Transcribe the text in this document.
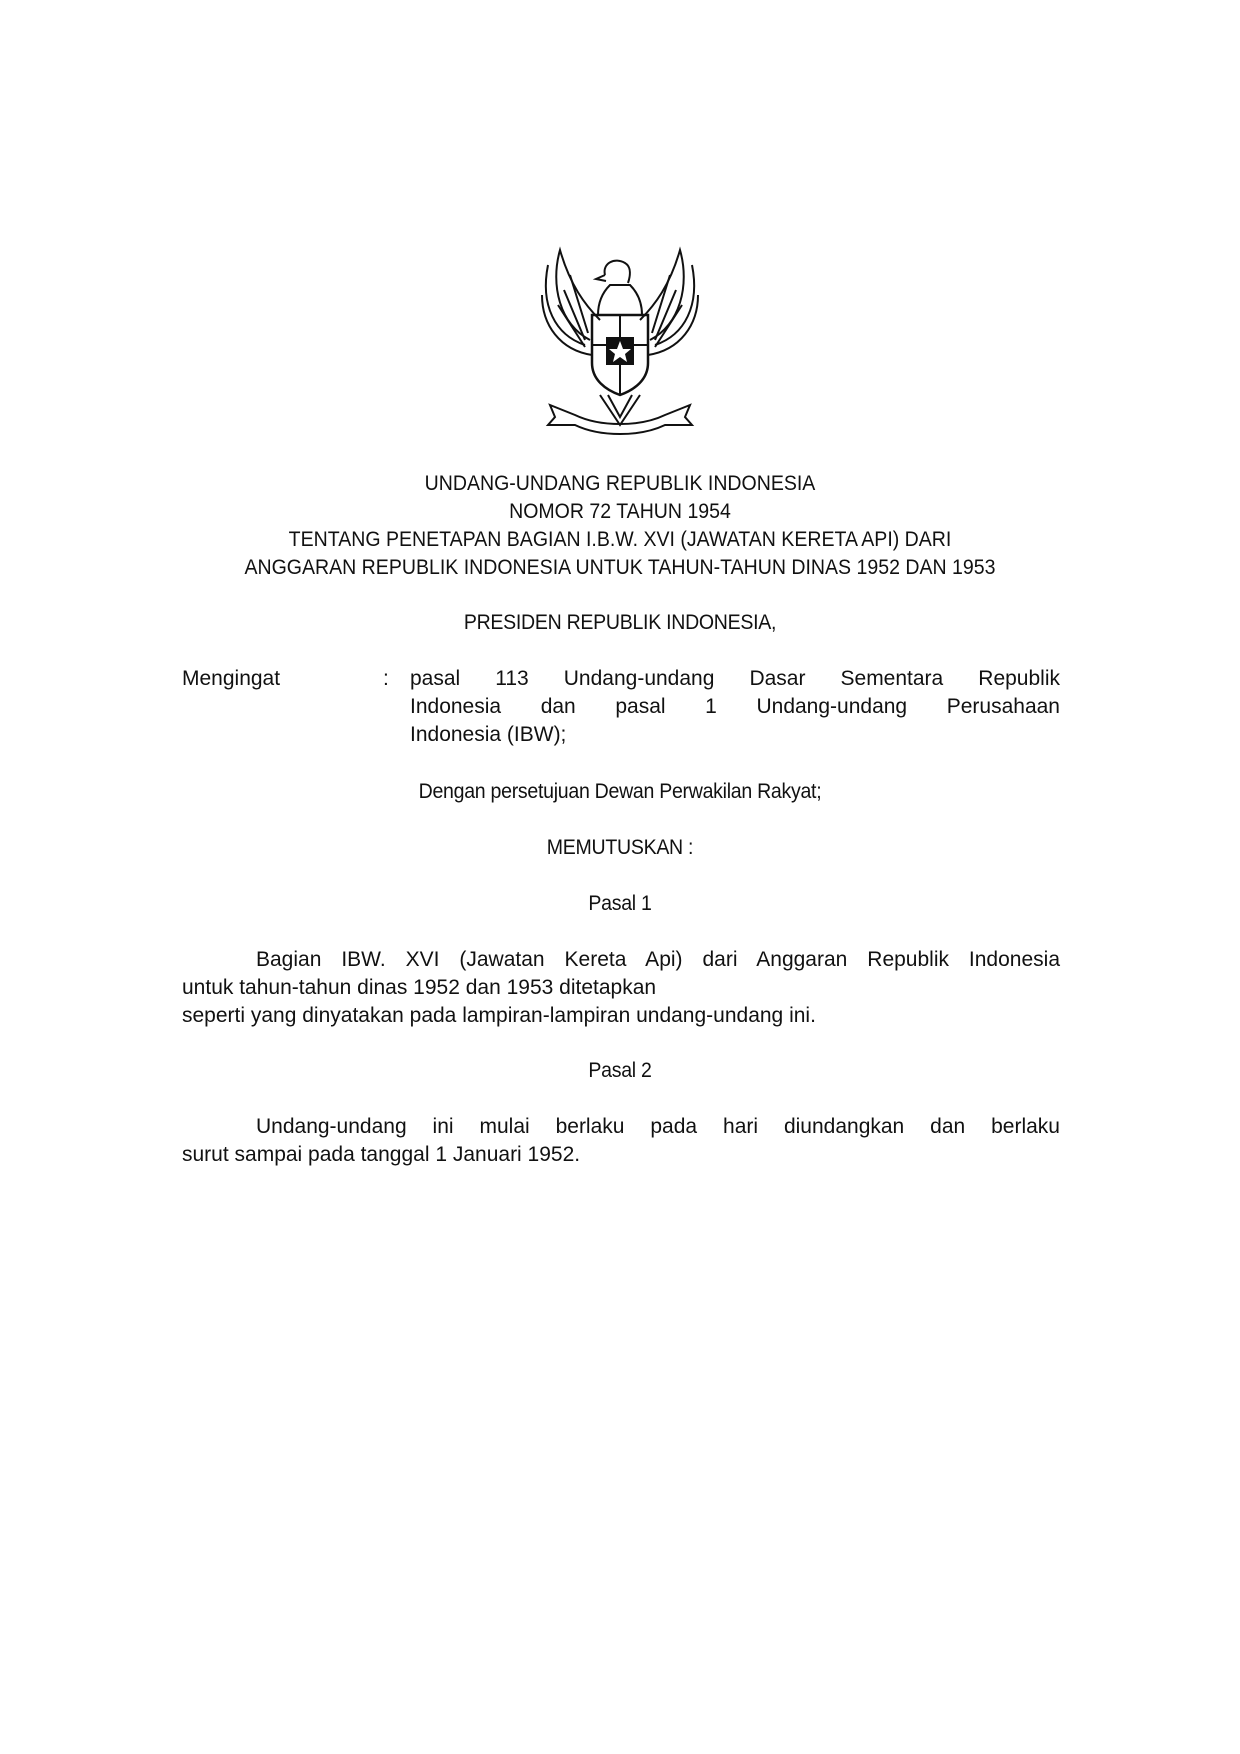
UNDANG-UNDANG REPUBLIK INDONESIA
NOMOR 72 TAHUN 1954
TENTANG PENETAPAN BAGIAN I.B.W. XVI (JAWATAN KERETA API) DARI
ANGGARAN REPUBLIK INDONESIA UNTUK TAHUN-TAHUN DINAS 1952 DAN 1953
PRESIDEN REPUBLIK INDONESIA,
Mengingat	: pasal 113 Undang-undang Dasar Sementara Republik
Indonesia dan pasal 1 Undang-undang Perusahaan
Indonesia (IBW);
Dengan persetujuan Dewan Perwakilan Rakyat;
MEMUTUSKAN :
Pasal 1
Bagian IBW. XVI (Jawatan Kereta Api) dari Anggaran Republik Indonesia
untuk tahun-tahun dinas 1952 dan 1953 ditetapkan
seperti yang dinyatakan pada lampiran-lampiran undang-undang ini.
Pasal 2
Undang-undang ini mulai berlaku pada hari diundangkan dan berlaku
surut sampai pada tanggal 1 Januari 1952.
